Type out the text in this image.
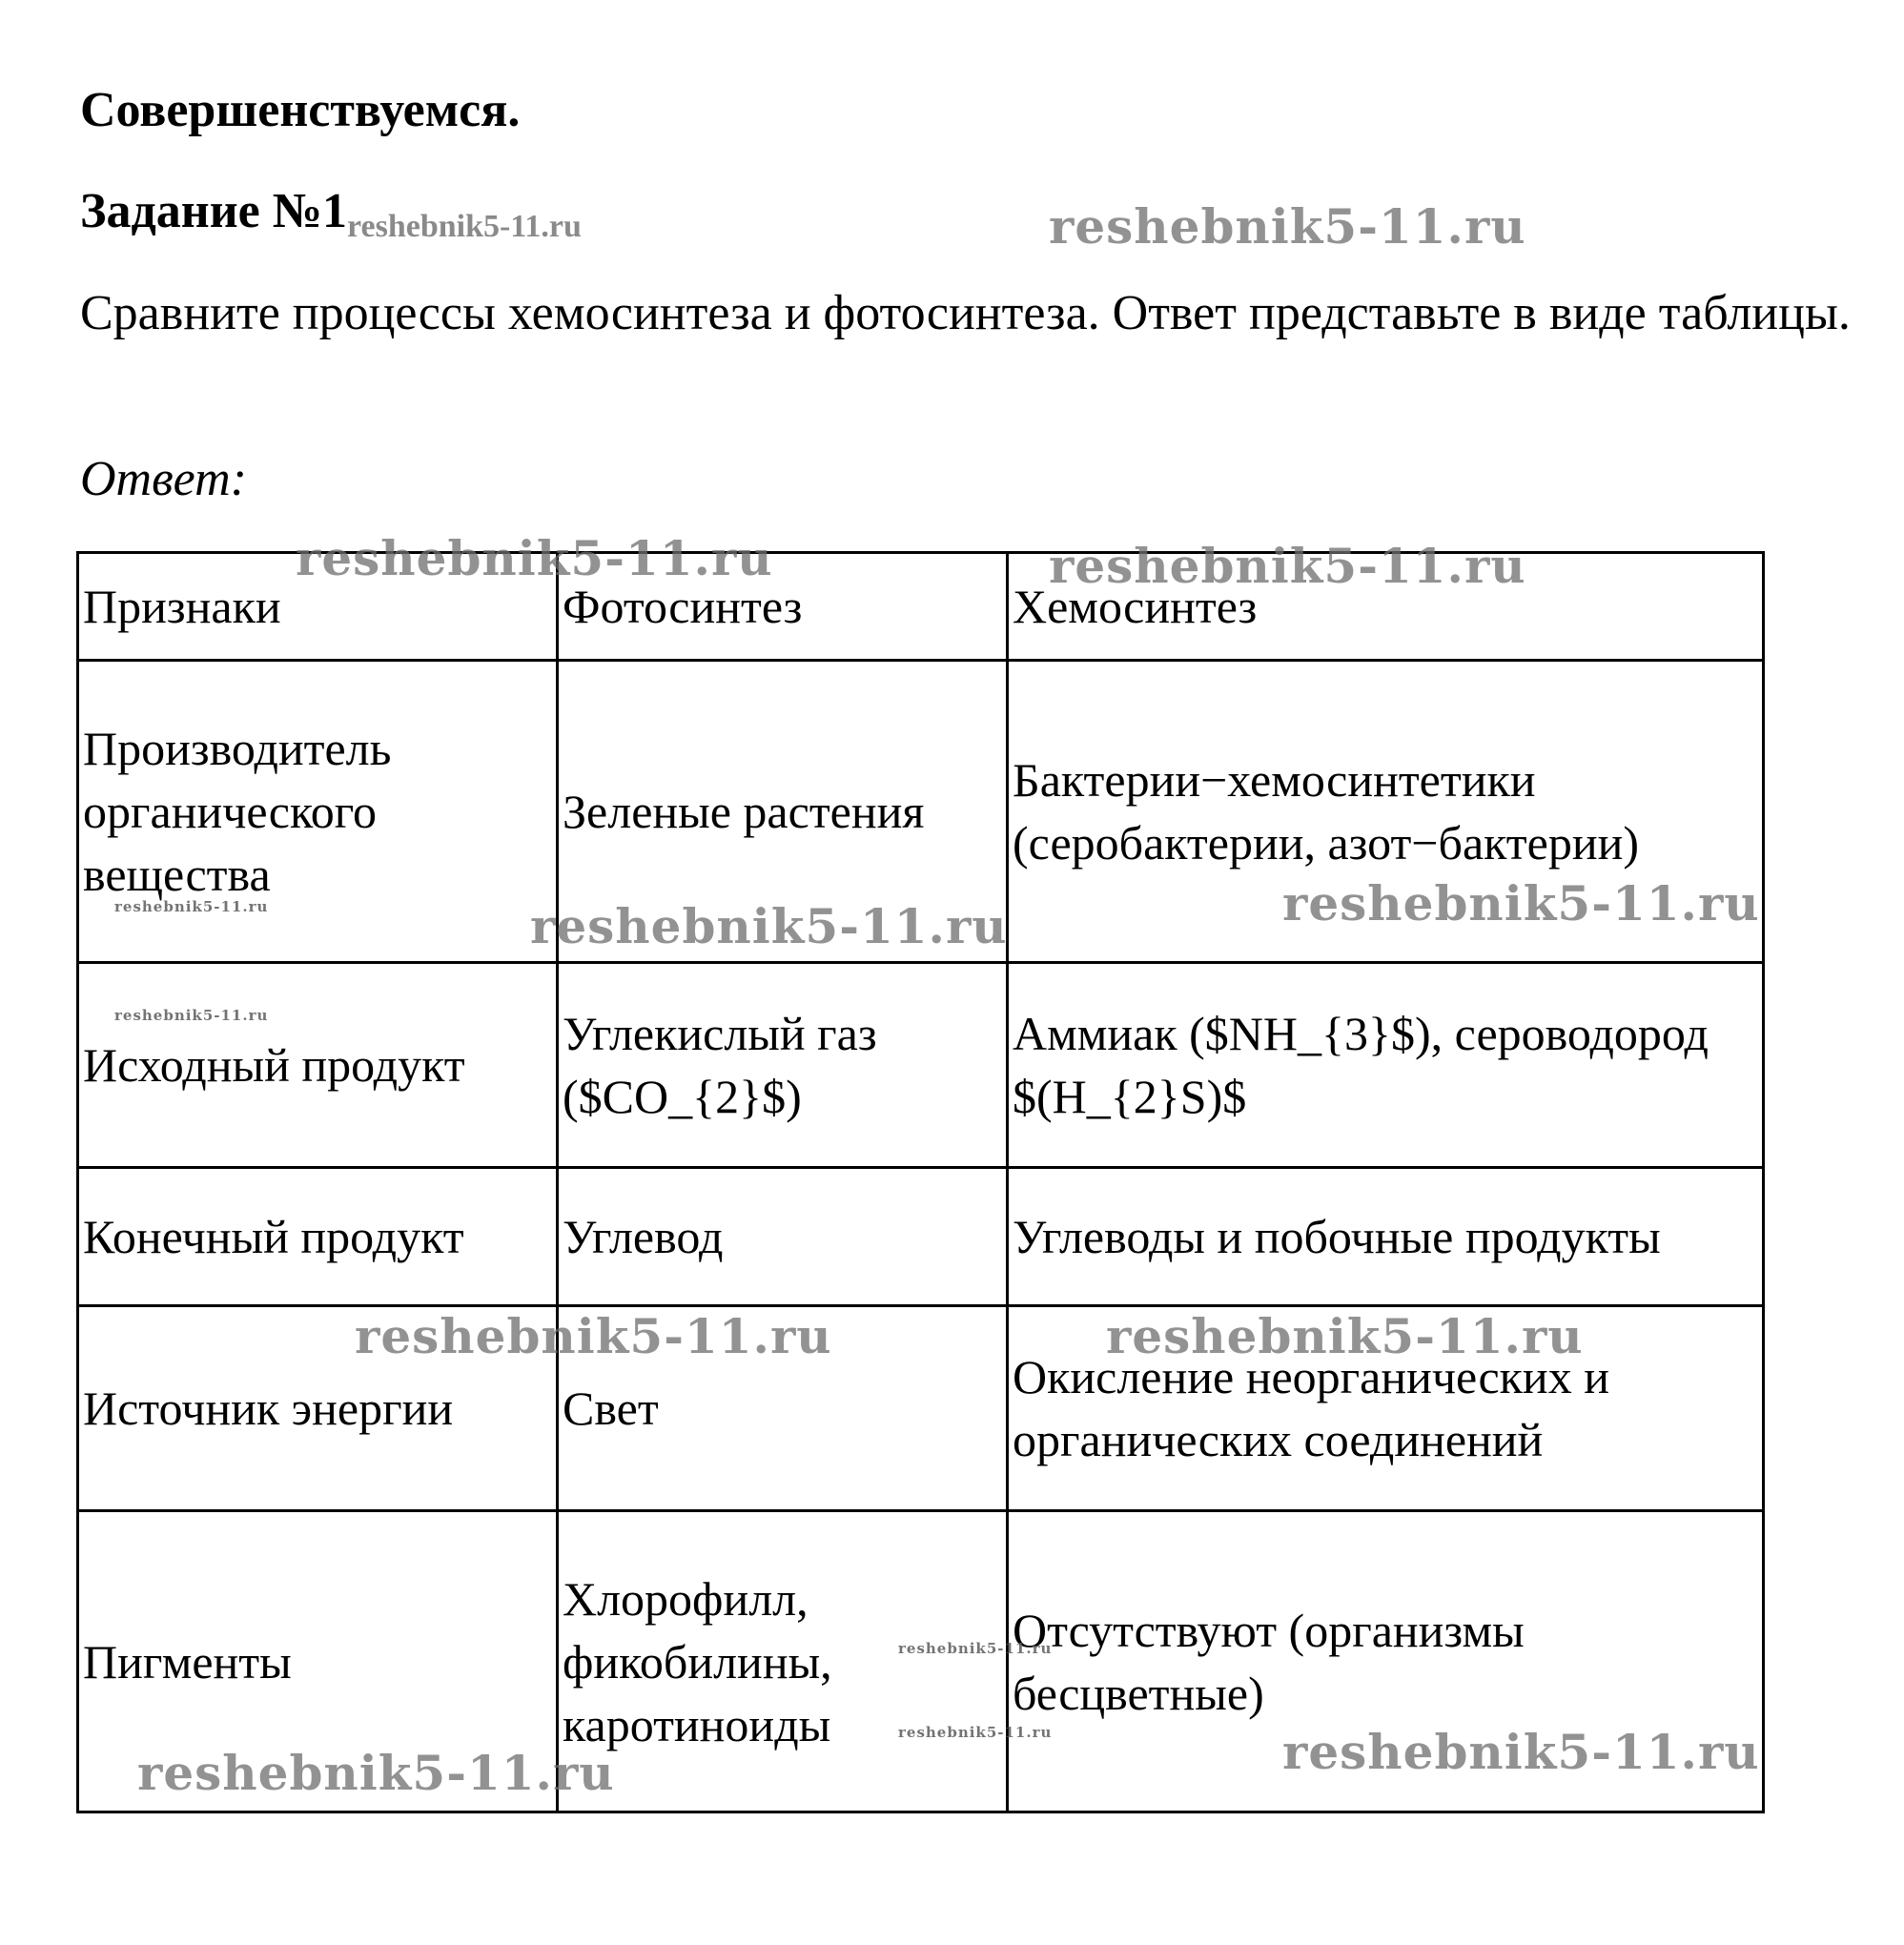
Совершенствуемся.
Задание №1reshebnik5-11.ru
Сравните процессы хемосинтеза и фотосинтеза. Ответ представьте в виде таблицы.
Ответ:
Признаки	Фотосинтез	Хемосинтез
Производитель органического вещества	Зеленые растения	Бактерии−хемосинтетики (серобактерии, азот−бактерии)
Исходный продукт	Углекислый газ ($CO_{2}$)	Аммиак ($NH_{3}$), сероводород $(H_{2}S)$
Конечный продукт	Углевод	Углеводы и побочные продукты
Источник энергии	Свет	Окисление неорганических и органических соединений
Пигменты	Хлорофилл, фикобилины, каротиноиды	Отсутствуют (организмы бесцветные)
reshebnik5-11.ru
reshebnik5-11.ru	reshebnik5-11.ru
reshebnik5-11.ru
reshebnik5-11.ru
reshebnik5-11.ru
reshebnik5-11.ru
reshebnik5-11.ru	reshebnik5-11.ru
reshebnik5-11.ru
reshebnik5-11.ru	reshebnik5-11.ru
reshebnik5-11.ru
